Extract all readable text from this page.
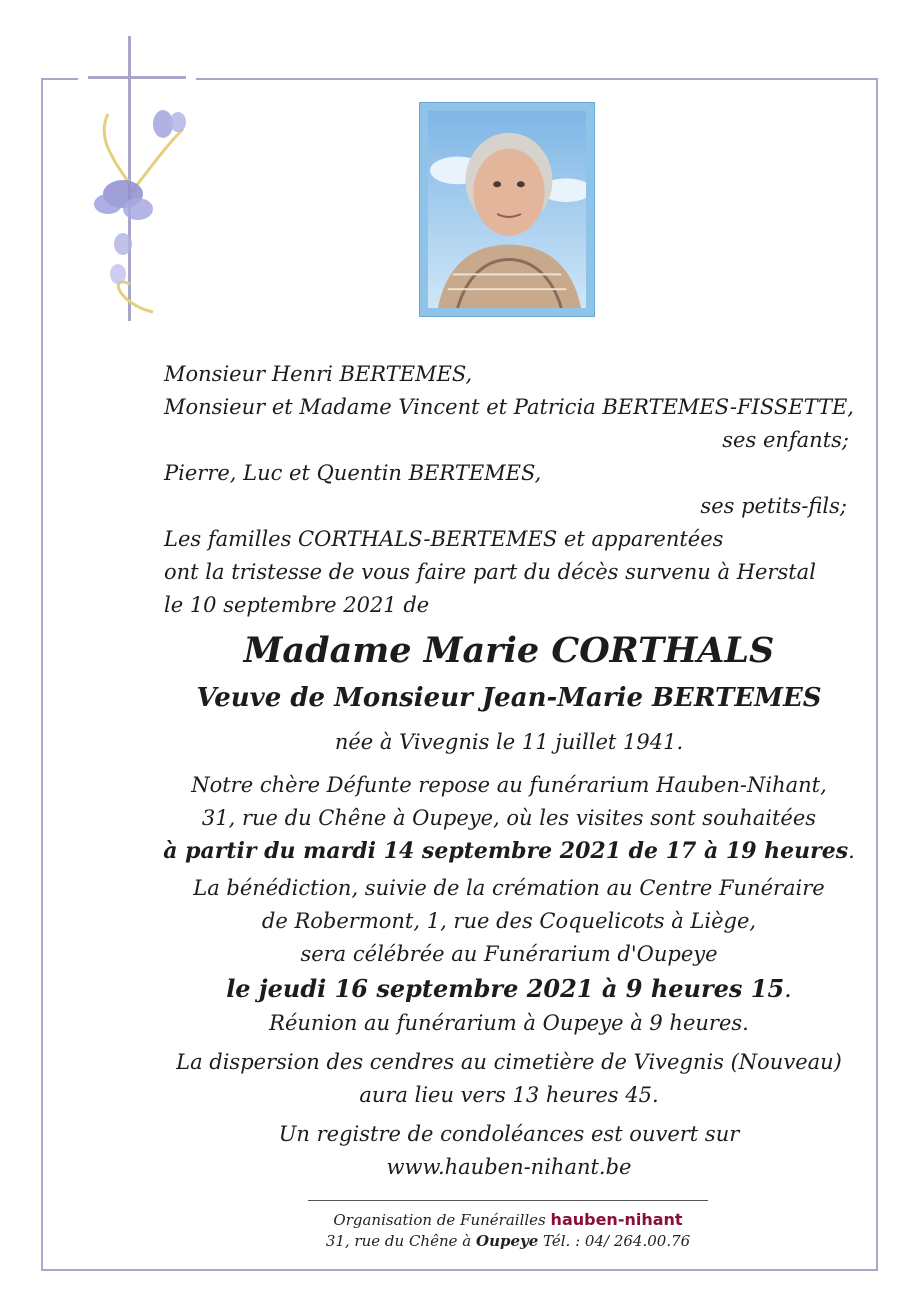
Monsieur Henri BERTEMES,
Monsieur et Madame Vincent et Patricia BERTEMES-FISSETTE,
ses enfants;
Pierre, Luc et Quentin BERTEMES,
ses petits-fils;
Les familles CORTHALS-BERTEMES et apparentées
ont la tristesse de vous faire part du décès survenu à Herstal
le 10 septembre 2021 de
Madame Marie CORTHALS
Veuve de Monsieur Jean-Marie BERTEMES
née à Vivegnis le 11 juillet 1941.
Notre chère Défunte repose au funérarium Hauben-Nihant,
31, rue du Chêne à Oupeye, où les visites sont souhaitées
à partir du mardi 14 septembre 2021 de 17 à 19 heures.
La bénédiction, suivie de la crémation au Centre Funéraire
de Robermont, 1, rue des Coquelicots à Liège,
sera célébrée au Funérarium d'Oupeye
le jeudi 16 septembre 2021 à 9 heures 15.
Réunion au funérarium à Oupeye à 9 heures.
La dispersion des cendres au cimetière de Vivegnis (Nouveau)
aura lieu vers 13 heures 45.
Un registre de condoléances est ouvert sur
www.hauben-nihant.be
Organisation de Funérailles hauben-nihant
31, rue du Chêne à Oupeye Tél. : 04/ 264.00.76
